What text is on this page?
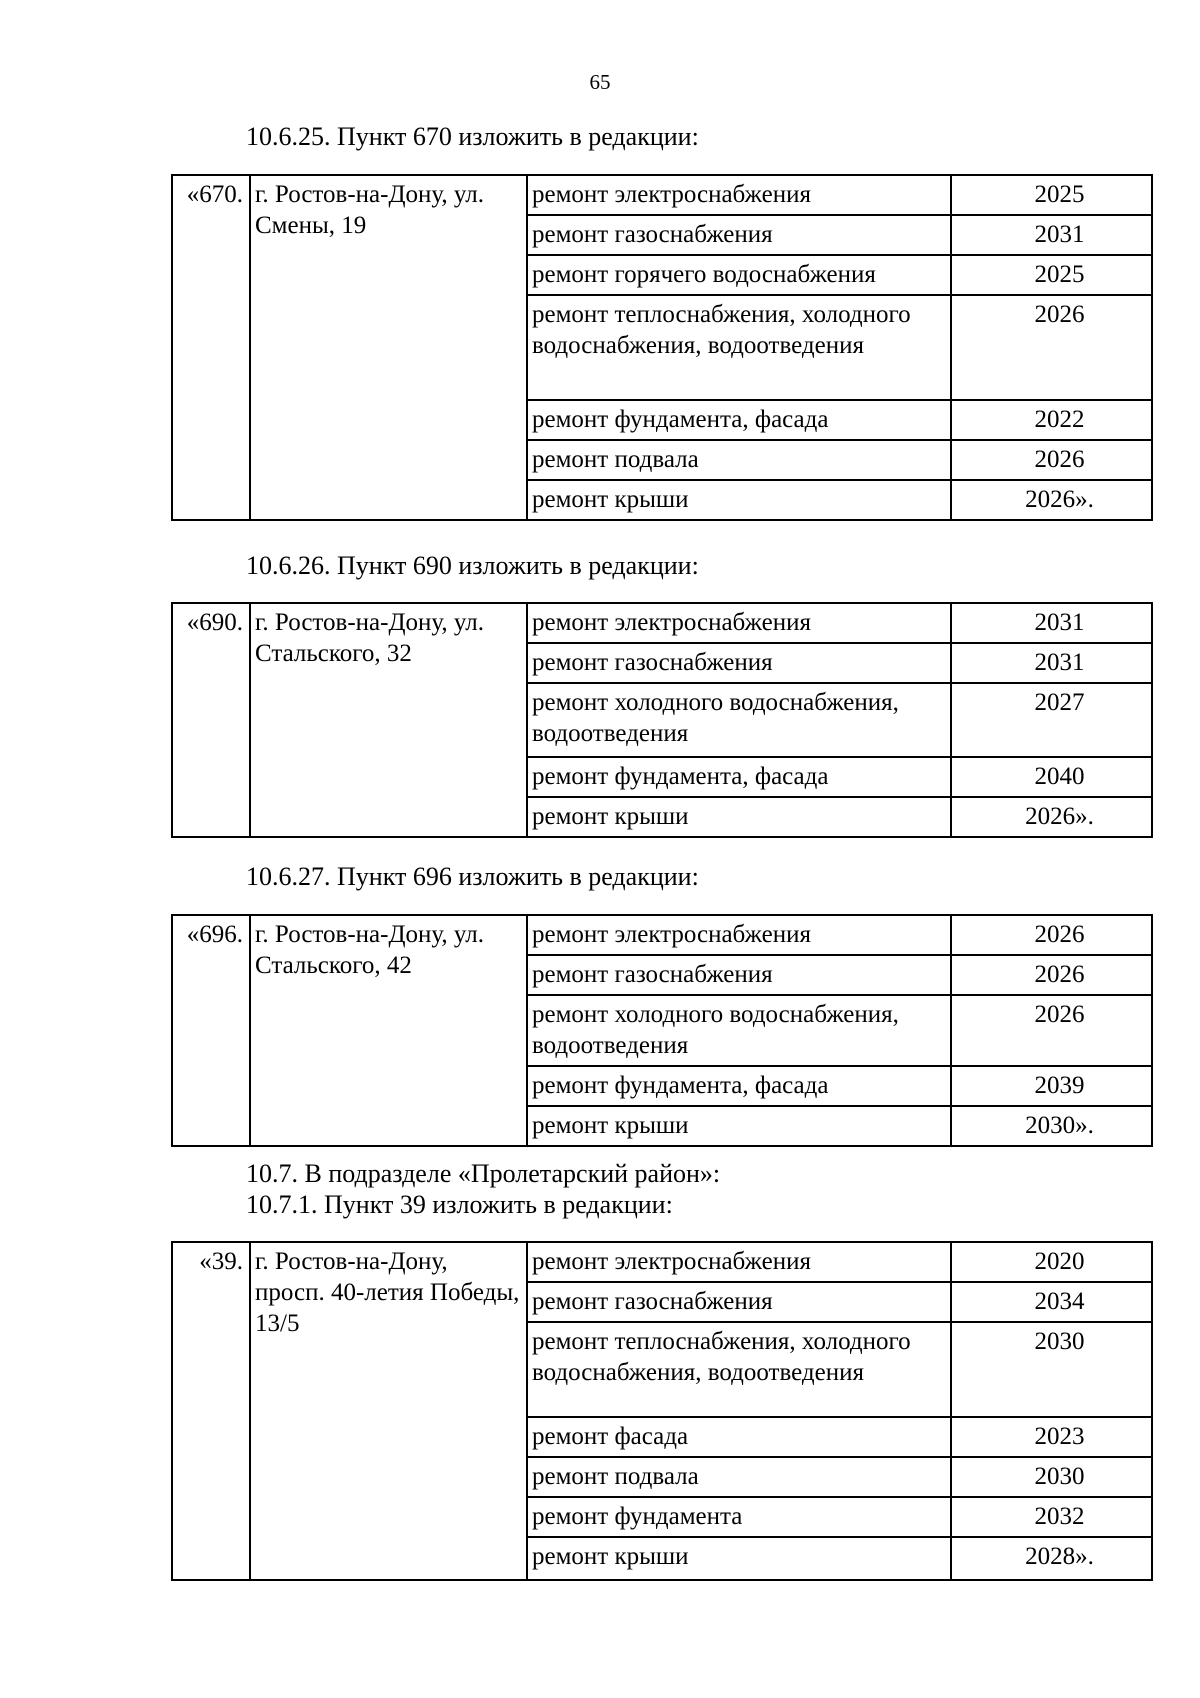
65
10.6.25. Пункт 670 изложить в редакции:
«670.	г. Ростов-на-Дону, ул. Смены, 19	ремонт электроснабжения	2025
		ремонт газоснабжения	2031
		ремонт горячего водоснабжения	2025
		ремонт теплоснабжения, холодного водоснабжения, водоотведения	2026
		ремонт фундамента, фасада	2022
		ремонт подвала	2026
		ремонт крыши	2026».
10.6.26. Пункт 690 изложить в редакции:
«690.	г. Ростов-на-Дону, ул. Стальского, 32	ремонт электроснабжения	2031
		ремонт газоснабжения	2031
		ремонт холодного водоснабжения, водоотведения	2027
		ремонт фундамента, фасада	2040
		ремонт крыши	2026».
10.6.27. Пункт 696 изложить в редакции:
«696.	г. Ростов-на-Дону, ул. Стальского, 42	ремонт электроснабжения	2026
		ремонт газоснабжения	2026
		ремонт холодного водоснабжения, водоотведения	2026
		ремонт фундамента, фасада	2039
		ремонт крыши	2030».
10.7. В подразделе «Пролетарский район»:
10.7.1. Пункт 39 изложить в редакции:
«39.	г. Ростов-на-Дону, просп. 40-летия Победы, 13/5	ремонт электроснабжения	2020
		ремонт газоснабжения	2034
		ремонт теплоснабжения, холодного водоснабжения, водоотведения	2030
		ремонт фасада	2023
		ремонт подвала	2030
		ремонт фундамента	2032
		ремонт крыши	2028».
